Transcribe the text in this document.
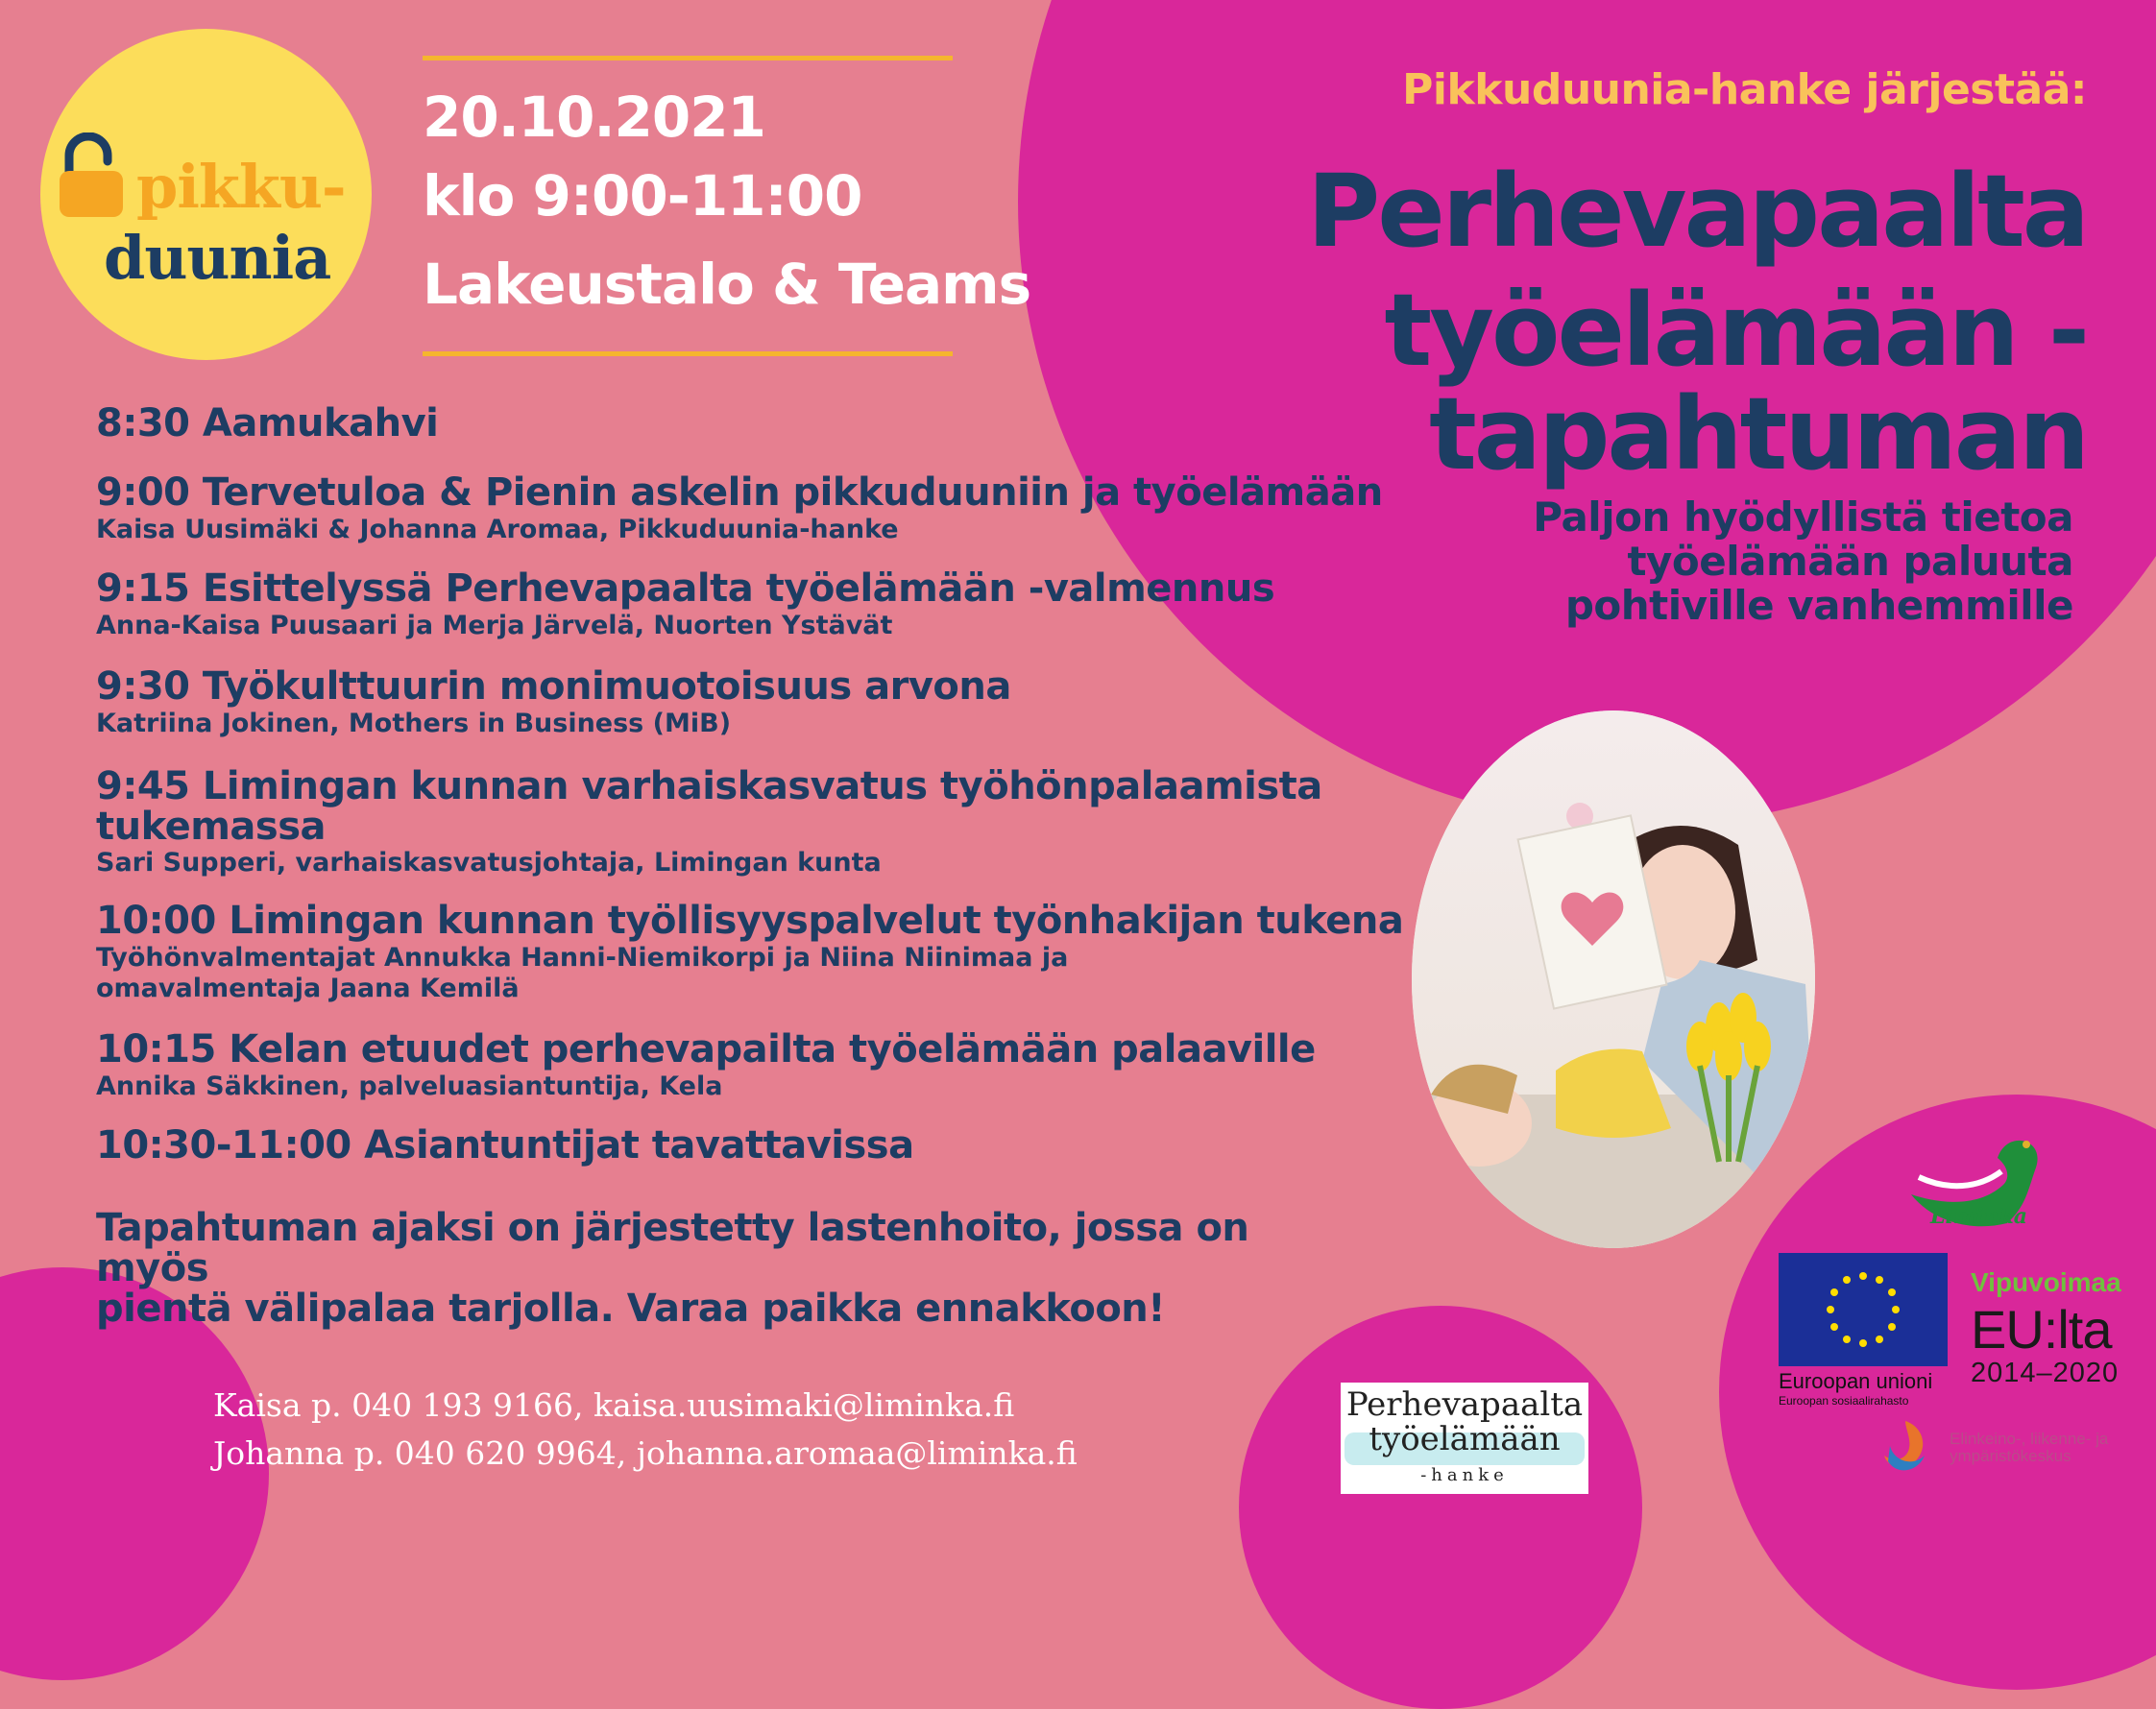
pikku-
duunia
20.10.2021
klo 9:00-11:00
Lakeustalo & Teams
Pikkuduunia-hanke järjestää:
Perhevapaalta
työelämään -
tapahtuman
Paljon hyödyllistä tietoa
työelämään paluuta
pohtiville vanhemmille
8:30 Aamukahvi
9:00 Tervetuloa & Pienin askelin pikkuduuniin ja työelämään
Kaisa Uusimäki & Johanna Aromaa, Pikkuduunia-hanke
9:15 Esittelyssä Perhevapaalta työelämään -valmennus
Anna-Kaisa Puusaari ja Merja Järvelä, Nuorten Ystävät
9:30 Työkulttuurin monimuotoisuus arvona
Katriina Jokinen, Mothers in Business (MiB)
9:45 Limingan kunnan varhaiskasvatus työhönpalaamista
tukemassa
Sari Supperi, varhaiskasvatusjohtaja, Limingan kunta
10:00 Limingan kunnan työllisyyspalvelut työnhakijan tukena
Työhönvalmentajat Annukka Hanni-Niemikorpi ja Niina Niinimaa ja
omavalmentaja Jaana Kemilä
10:15 Kelan etuudet perhevapailta työelämään palaaville
Annika Säkkinen, palveluasiantuntija, Kela
10:30-11:00 Asiantuntijat tavattavissa
Tapahtuman ajaksi on järjestetty lastenhoito, jossa on myös
pientä välipalaa tarjolla. Varaa paikka ennakkoon!
Kaisa p. 040 193 9166, kaisa.uusimaki@liminka.fi
Johanna p. 040 620 9964, johanna.aromaa@liminka.fi
Perhevapaalta
työelämään
-hanke
Liminka
Euroopan unioni
Euroopan sosiaalirahasto
Vipuvoimaa
EU:lta
2014–2020
Elinkeino-, liikenne- ja ympäristökeskus
